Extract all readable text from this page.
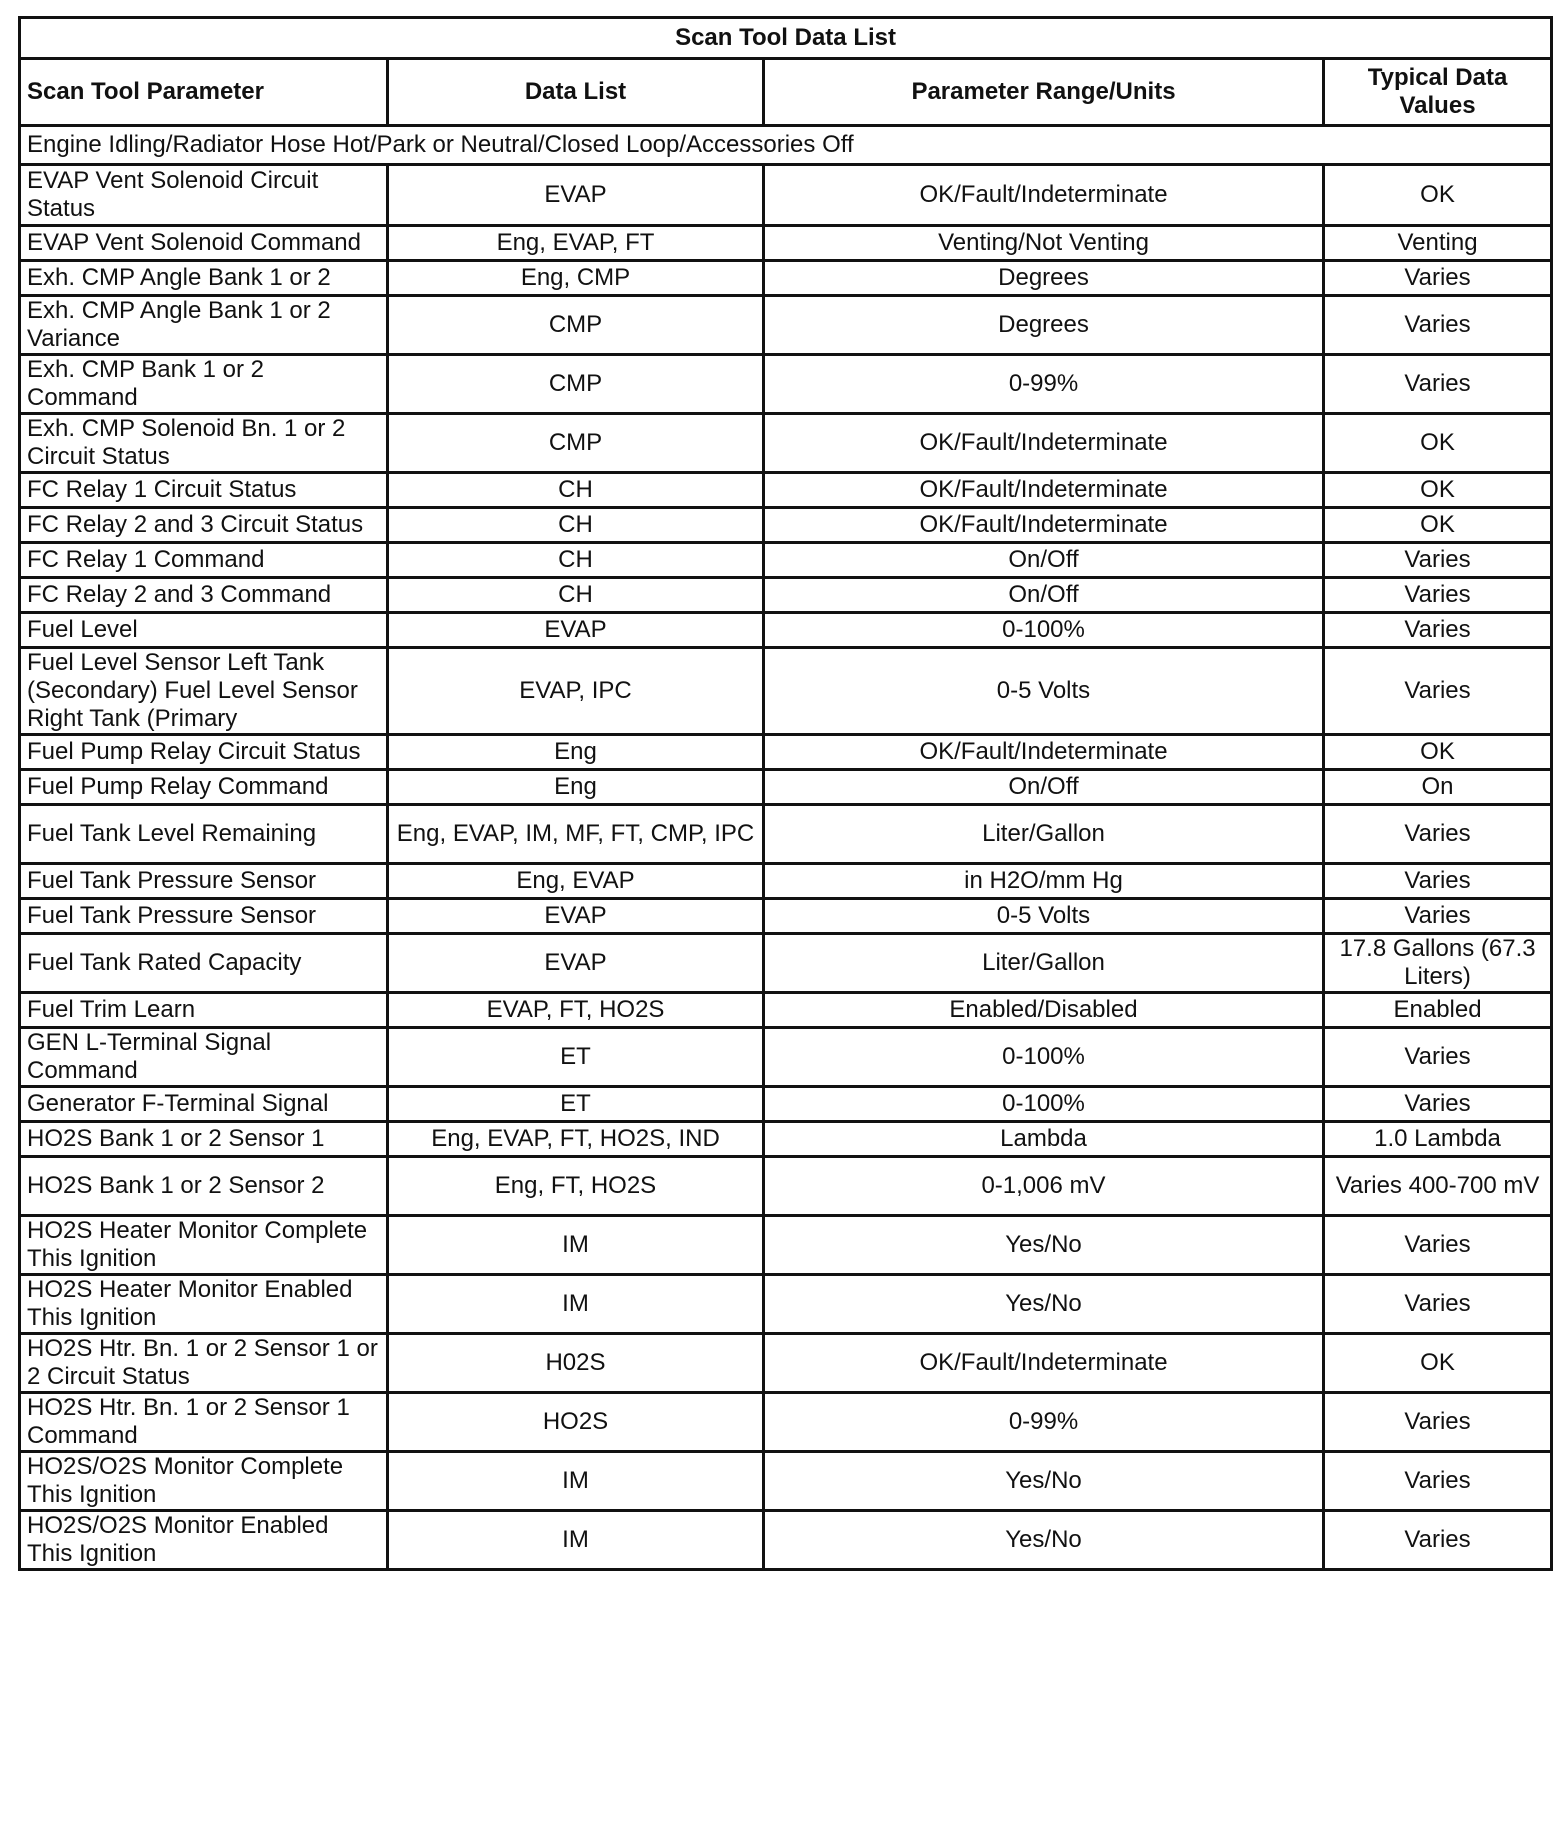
Scan Tool Data List			
Scan Tool Parameter	Data List	Parameter Range/Units	Typical Data Values
Engine Idling/Radiator Hose Hot/Park or Neutral/Closed Loop/Accessories Off			
EVAP Vent Solenoid Circuit Status	EVAP	OK/Fault/Indeterminate	OK
EVAP Vent Solenoid Command	Eng, EVAP, FT	Venting/Not Venting	Venting
Exh. CMP Angle Bank 1 or 2	Eng, CMP	Degrees	Varies
Exh. CMP Angle Bank 1 or 2 Variance	CMP	Degrees	Varies
Exh. CMP Bank 1 or 2 Command	CMP	0-99%	Varies
Exh. CMP Solenoid Bn. 1 or 2 Circuit Status	CMP	OK/Fault/Indeterminate	OK
FC Relay 1 Circuit Status	CH	OK/Fault/Indeterminate	OK
FC Relay 2 and 3 Circuit Status	CH	OK/Fault/Indeterminate	OK
FC Relay 1 Command	CH	On/Off	Varies
FC Relay 2 and 3 Command	CH	On/Off	Varies
Fuel Level	EVAP	0-100%	Varies
Fuel Level Sensor Left Tank (Secondary) Fuel Level Sensor Right Tank (Primary	EVAP, IPC	0-5 Volts	Varies
Fuel Pump Relay Circuit Status	Eng	OK/Fault/Indeterminate	OK
Fuel Pump Relay Command	Eng	On/Off	On
Fuel Tank Level Remaining	Eng, EVAP, IM, MF, FT, CMP, IPC	Liter/Gallon	Varies
Fuel Tank Pressure Sensor	Eng, EVAP	in H2O/mm Hg	Varies
Fuel Tank Pressure Sensor	EVAP	0-5 Volts	Varies
Fuel Tank Rated Capacity	EVAP	Liter/Gallon	17.8 Gallons (67.3 Liters)
Fuel Trim Learn	EVAP, FT, HO2S	Enabled/Disabled	Enabled
GEN L-Terminal Signal Command	ET	0-100%	Varies
Generator F-Terminal Signal	ET	0-100%	Varies
HO2S Bank 1 or 2 Sensor 1	Eng, EVAP, FT, HO2S, IND	Lambda	1.0 Lambda
HO2S Bank 1 or 2 Sensor 2	Eng, FT, HO2S	0-1,006 mV	Varies 400-700 mV
HO2S Heater Monitor Complete This Ignition	IM	Yes/No	Varies
HO2S Heater Monitor Enabled This Ignition	IM	Yes/No	Varies
HO2S Htr. Bn. 1 or 2 Sensor 1 or 2 Circuit Status	H02S	OK/Fault/Indeterminate	OK
HO2S Htr. Bn. 1 or 2 Sensor 1 Command	HO2S	0-99%	Varies
HO2S/O2S Monitor Complete This Ignition	IM	Yes/No	Varies
HO2S/O2S Monitor Enabled This Ignition	IM	Yes/No	Varies
